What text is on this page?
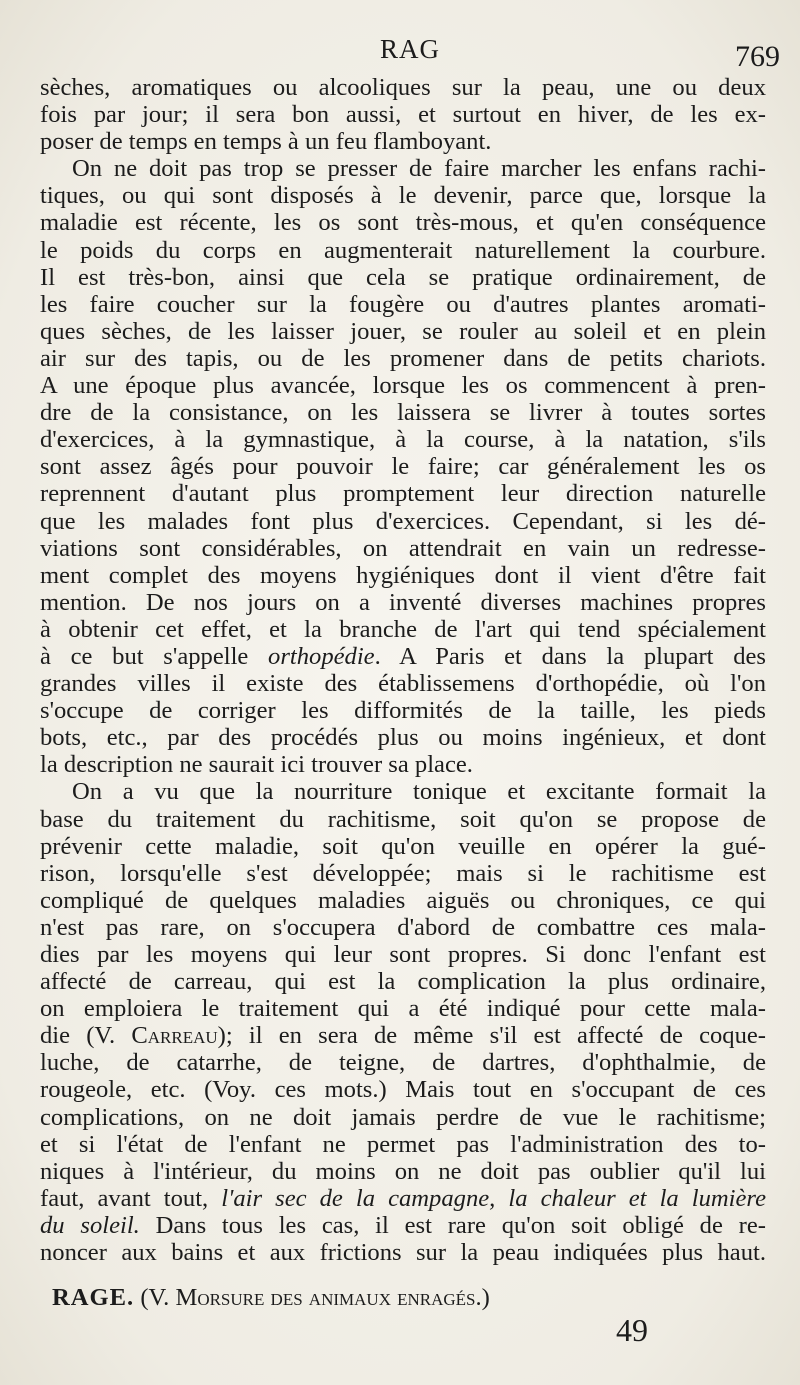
RAG	769
sèches, aromatiques ou alcooliques sur la peau, une ou deux
fois par jour; il sera bon aussi, et surtout en hiver, de les ex-
poser de temps en temps à un feu flamboyant.
On ne doit pas trop se presser de faire marcher les enfans rachi-
tiques, ou qui sont disposés à le devenir, parce que, lorsque la
maladie est récente, les os sont très-mous, et qu'en conséquence
le poids du corps en augmenterait naturellement la courbure.
Il est très-bon, ainsi que cela se pratique ordinairement, de
les faire coucher sur la fougère ou d'autres plantes aromati-
ques sèches, de les laisser jouer, se rouler au soleil et en plein
air sur des tapis, ou de les promener dans de petits chariots.
A une époque plus avancée, lorsque les os commencent à pren-
dre de la consistance, on les laissera se livrer à toutes sortes
d'exercices, à la gymnastique, à la course, à la natation, s'ils
sont assez âgés pour pouvoir le faire; car généralement les os
reprennent d'autant plus promptement leur direction naturelle
que les malades font plus d'exercices. Cependant, si les dé-
viations sont considérables, on attendrait en vain un redresse-
ment complet des moyens hygiéniques dont il vient d'être fait
mention. De nos jours on a inventé diverses machines propres
à obtenir cet effet, et la branche de l'art qui tend spécialement
à ce but s'appelle orthopédie. A Paris et dans la plupart des
grandes villes il existe des établissemens d'orthopédie, où l'on
s'occupe de corriger les difformités de la taille, les pieds
bots, etc., par des procédés plus ou moins ingénieux, et dont
la description ne saurait ici trouver sa place.
On a vu que la nourriture tonique et excitante formait la
base du traitement du rachitisme, soit qu'on se propose de
prévenir cette maladie, soit qu'on veuille en opérer la gué-
rison, lorsqu'elle s'est développée; mais si le rachitisme est
compliqué de quelques maladies aiguës ou chroniques, ce qui
n'est pas rare, on s'occupera d'abord de combattre ces mala-
dies par les moyens qui leur sont propres. Si donc l'enfant est
affecté de carreau, qui est la complication la plus ordinaire,
on emploiera le traitement qui a été indiqué pour cette mala-
die (V. Carreau); il en sera de même s'il est affecté de coque-
luche, de catarrhe, de teigne, de dartres, d'ophthalmie, de
rougeole, etc. (Voy. ces mots.) Mais tout en s'occupant de ces
complications, on ne doit jamais perdre de vue le rachitisme;
et si l'état de l'enfant ne permet pas l'administration des to-
niques à l'intérieur, du moins on ne doit pas oublier qu'il lui
faut, avant tout, l'air sec de la campagne, la chaleur et la lumière
du soleil. Dans tous les cas, il est rare qu'on soit obligé de re-
noncer aux bains et aux frictions sur la peau indiquées plus haut.
RAGE. (V. Morsure des animaux enragés.)
49
